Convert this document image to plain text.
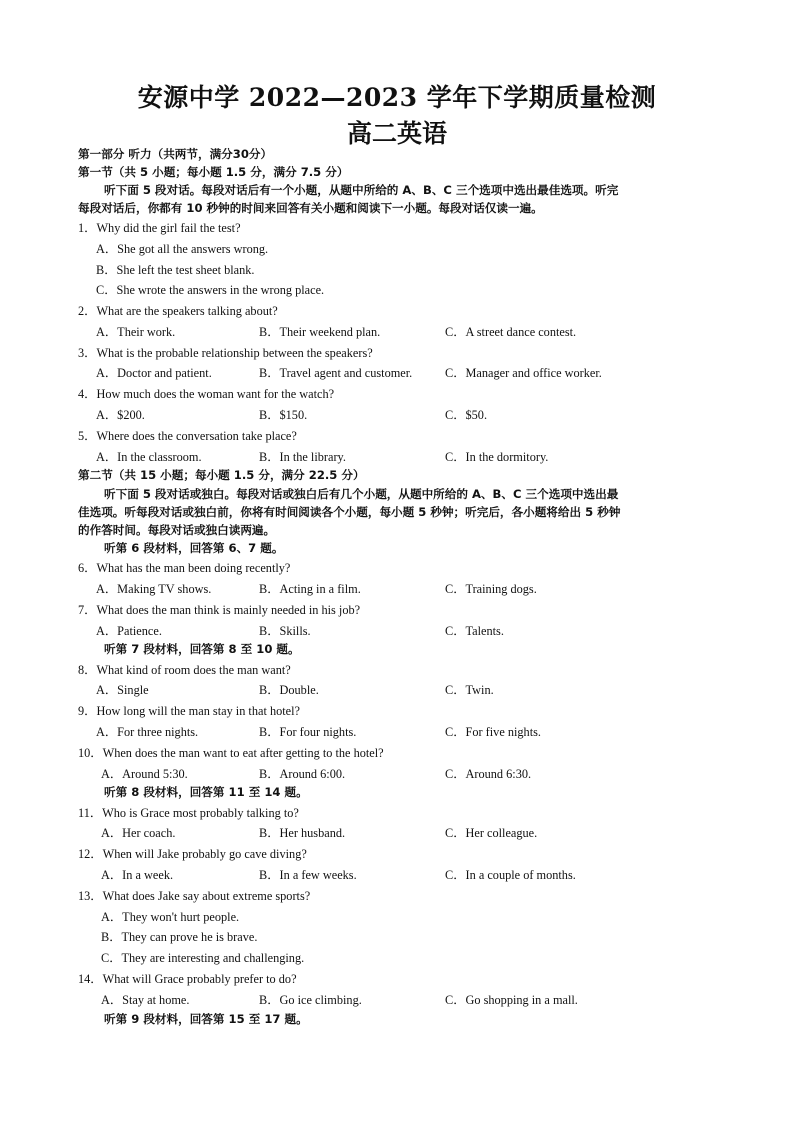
安源中学 2022—2023 学年下学期质量检测
高二英语
第一部分 听力（共两节，满分30分）
第一节（共 5 小题；每小题 1.5 分，满分 7.5 分）
听下面 5 段对话。每段对话后有一个小题，从题中所给的 A、B、C 三个选项中选出最佳选项。听完
每段对话后，你都有 10 秒钟的时间来回答有关小题和阅读下一小题。每段对话仅读一遍。
1．Why did the girl fail the test?
A．She got all the answers wrong.
B．She left the test sheet blank.
C．She wrote the answers in the wrong place.
2．What are the speakers talking about?
A．Their work.	B．Their weekend plan.	C．A street dance contest.
3．What is the probable relationship between the speakers?
A．Doctor and patient.	B．Travel agent and customer.	C．Manager and office worker.
4．How much does the woman want for the watch?
A．$200.	B．$150.	C．$50.
5．Where does the conversation take place?
A．In the classroom.	B．In the library.	C．In the dormitory.
第二节（共 15 小题；每小题 1.5 分，满分 22.5 分）
听下面 5 段对话或独白。每段对话或独白后有几个小题，从题中所给的 A、B、C 三个选项中选出最
佳选项。听每段对话或独白前，你将有时间阅读各个小题，每小题 5 秒钟；听完后，各小题将给出 5 秒钟
的作答时间。每段对话或独白读两遍。
听第 6 段材料，回答第 6、7 题。
6．What has the man been doing recently?
A．Making TV shows.	B．Acting in a film.	C．Training dogs.
7．What does the man think is mainly needed in his job?
A．Patience.	B．Skills.	C．Talents.
听第 7 段材料，回答第 8 至 10 题。
8．What kind of room does the man want?
A．Single	B．Double.	C．Twin.
9．How long will the man stay in that hotel?
A．For three nights.	B．For four nights.	C．For five nights.
10．When does the man want to eat after getting to the hotel?
A．Around 5:30.	B．Around 6:00.	C．Around 6:30.
听第 8 段材料，回答第 11 至 14 题。
11．Who is Grace most probably talking to?
A．Her coach.	B．Her husband.	C．Her colleague.
12．When will Jake probably go cave diving?
A．In a week.	B．In a few weeks.	C．In a couple of months.
13．What does Jake say about extreme sports?
A．They won't hurt people.
B．They can prove he is brave.
C．They are interesting and challenging.
14．What will Grace probably prefer to do?
A．Stay at home.	B．Go ice climbing.	C．Go shopping in a mall.
听第 9 段材料，回答第 15 至 17 题。
